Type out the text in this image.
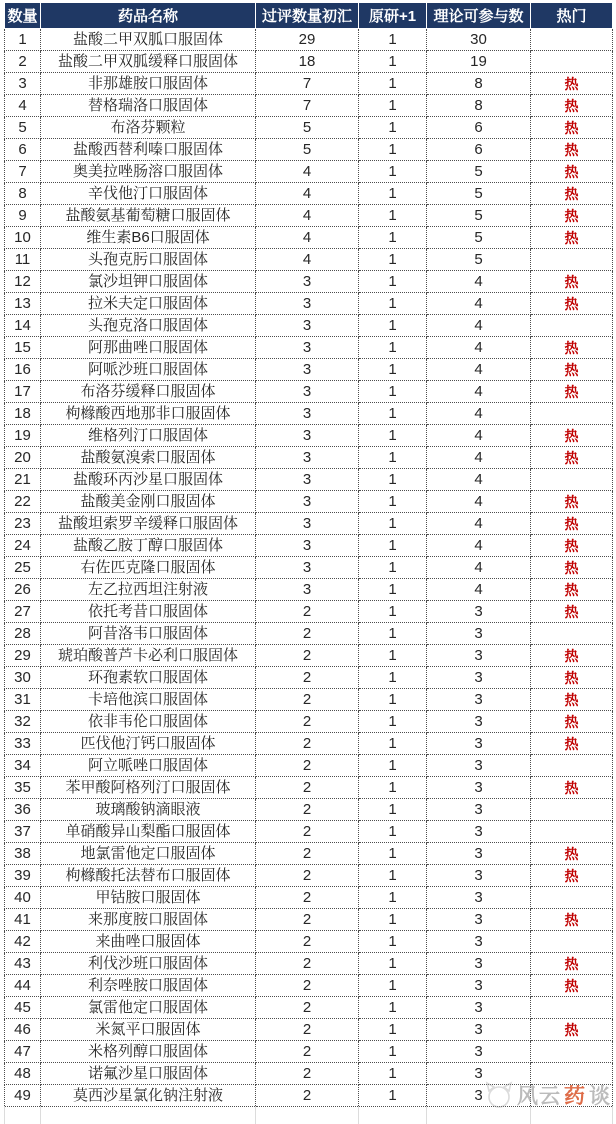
数量	药品名称	过评数量初汇	原研+1	理论可参与数	热门
1	盐酸二甲双胍口服固体	29	1	30	
2	盐酸二甲双胍缓释口服固体	18	1	19	
3	非那雄胺口服固体	7	1	8	热
4	替格瑞洛口服固体	7	1	8	热
5	布洛芬颗粒	5	1	6	热
6	盐酸西替利嗪口服固体	5	1	6	热
7	奥美拉唑肠溶口服固体	4	1	5	热
8	辛伐他汀口服固体	4	1	5	热
9	盐酸氨基葡萄糖口服固体	4	1	5	热
10	维生素B6口服固体	4	1	5	热
11	头孢克肟口服固体	4	1	5	
12	氯沙坦钾口服固体	3	1	4	热
13	拉米夫定口服固体	3	1	4	热
14	头孢克洛口服固体	3	1	4	
15	阿那曲唑口服固体	3	1	4	热
16	阿哌沙班口服固体	3	1	4	热
17	布洛芬缓释口服固体	3	1	4	热
18	枸橼酸西地那非口服固体	3	1	4	
19	维格列汀口服固体	3	1	4	热
20	盐酸氨溴索口服固体	3	1	4	热
21	盐酸环丙沙星口服固体	3	1	4	
22	盐酸美金刚口服固体	3	1	4	热
23	盐酸坦索罗辛缓释口服固体	3	1	4	热
24	盐酸乙胺丁醇口服固体	3	1	4	热
25	右佐匹克隆口服固体	3	1	4	热
26	左乙拉西坦注射液	3	1	4	热
27	依托考昔口服固体	2	1	3	热
28	阿昔洛韦口服固体	2	1	3	
29	琥珀酸普芦卡必利口服固体	2	1	3	热
30	环孢素软口服固体	2	1	3	热
31	卡培他滨口服固体	2	1	3	热
32	依非韦伦口服固体	2	1	3	热
33	匹伐他汀钙口服固体	2	1	3	热
34	阿立哌唑口服固体	2	1	3	
35	苯甲酸阿格列汀口服固体	2	1	3	热
36	玻璃酸钠滴眼液	2	1	3	
37	单硝酸异山梨酯口服固体	2	1	3	
38	地氯雷他定口服固体	2	1	3	热
39	枸橼酸托法替布口服固体	2	1	3	热
40	甲钴胺口服固体	2	1	3	
41	来那度胺口服固体	2	1	3	热
42	来曲唑口服固体	2	1	3	
43	利伐沙班口服固体	2	1	3	热
44	利奈唑胺口服固体	2	1	3	热
45	氯雷他定口服固体	2	1	3	
46	米氮平口服固体	2	1	3	热
47	米格列醇口服固体	2	1	3	
48	诺氟沙星口服固体	2	1	3	
49	莫西沙星氯化钠注射液	2	1	3	
					风云 药 谈
